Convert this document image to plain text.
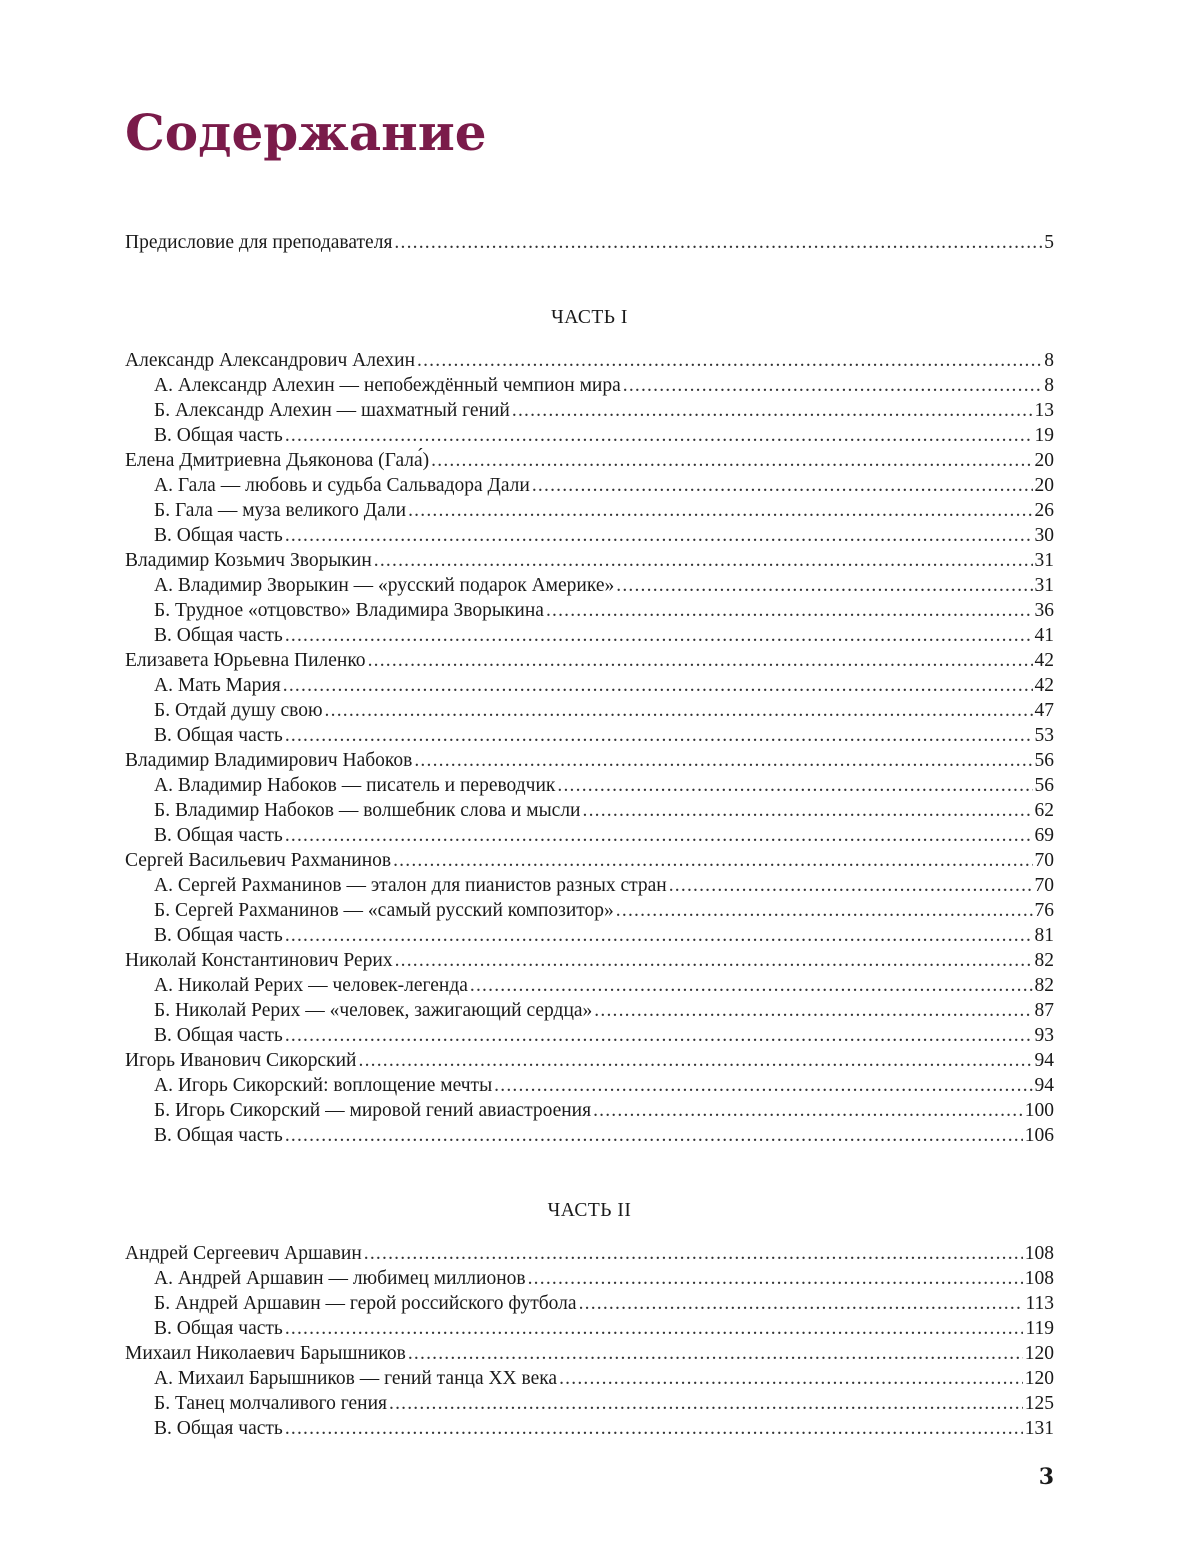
Содержание
Предисловие для преподавателя .....	5
ЧАСТЬ I
Александр Александрович Алехин .....	8
А. Александр Алехин — непобеждённый чемпион мира .....	8
Б. Александр Алехин — шахматный гений .....	13
В. Общая часть .....	19
Елена Дмитриевна Дьяконова (Гала́) .....	20
А. Гала — любовь и судьба Сальвадора Дали .....	20
Б. Гала — муза великого Дали .....	26
В. Общая часть .....	30
Владимир Козьмич Зворыкин .....	31
А. Владимир Зворыкин — «русский подарок Америке» .....	31
Б. Трудное «отцовство» Владимира Зворыкина .....	36
В. Общая часть .....	41
Елизавета Юрьевна Пиленко .....	42
А. Мать Мария .....	42
Б. Отдай душу свою .....	47
В. Общая часть .....	53
Владимир Владимирович Набоков .....	56
А. Владимир Набоков — писатель и переводчик .....	56
Б. Владимир Набоков — волшебник слова и мысли .....	62
В. Общая часть .....	69
Сергей Васильевич Рахманинов .....	70
А. Сергей Рахманинов — эталон для пианистов разных стран .....	70
Б. Сергей Рахманинов — «самый русский композитор» .....	76
В. Общая часть .....	81
Николай Константинович Рерих .....	82
А. Николай Рерих — человек-легенда .....	82
Б. Николай Рерих — «человек, зажигающий сердца» .....	87
В. Общая часть .....	93
Игорь Иванович Сикорский .....	94
А. Игорь Сикорский: воплощение мечты .....	94
Б. Игорь Сикорский — мировой гений авиастроения .....	100
В. Общая часть .....	106
ЧАСТЬ II
Андрей Сергеевич Аршавин .....	108
А. Андрей Аршавин — любимец миллионов .....	108
Б. Андрей Аршавин — герой российского футбола .....	113
В. Общая часть .....	119
Михаил Николаевич Барышников .....	120
А. Михаил Барышников — гений танца XX века .....	120
Б. Танец молчаливого гения .....	125
В. Общая часть .....	131
3
